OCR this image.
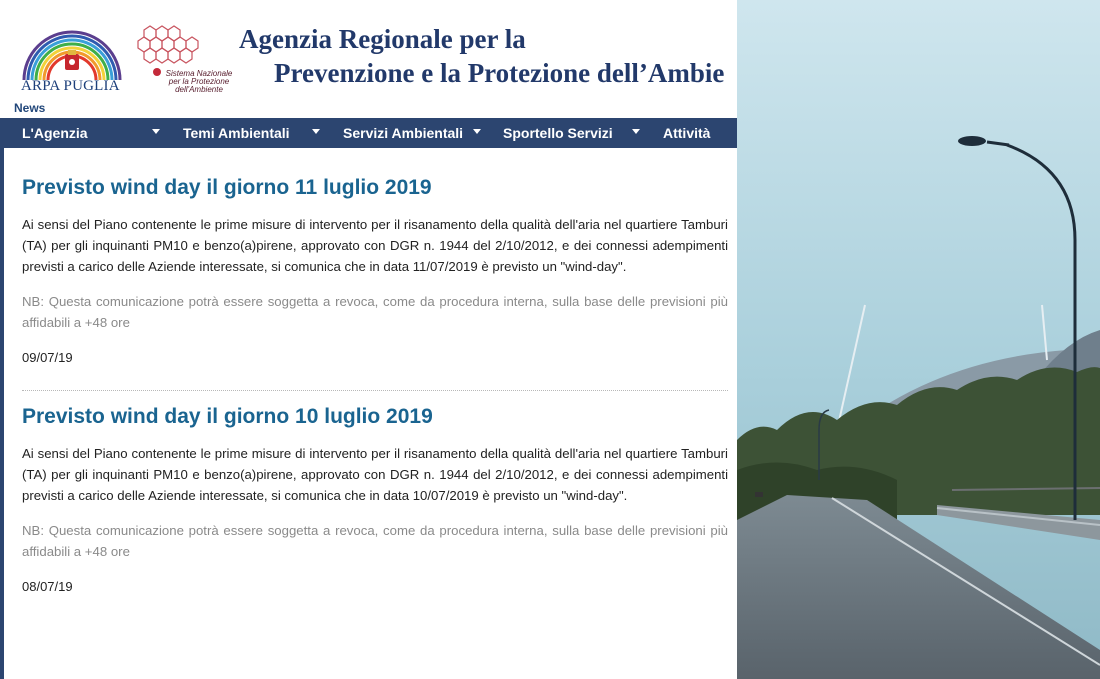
ARPA PUGLIA
Sistema Nazionale
per la Protezione
dell'Ambiente
Agenzia Regionale per la
Prevenzione e la Protezione dell’Ambie
News
L'Agenzia	Temi Ambientali	Servizi Ambientali	Sportello Servizi	Attività
Previsto wind day il giorno 11 luglio 2019

Ai sensi del Piano contenente le prime misure di intervento per il risanamento della qualità dell'aria nel quartiere Tamburi (TA) per gli inquinanti PM10 e benzo(a)pirene, approvato con DGR n. 1944 del 2/10/2012, e dei connessi adempimenti previsti a carico delle Aziende interessate, si comunica che in data 11/07/2019 è previsto un "wind-day".

NB: Questa comunicazione potrà essere soggetta a revoca, come da procedura interna, sulla base delle previsioni più affidabili a +48 ore

09/07/19
Previsto wind day il giorno 10 luglio 2019

Ai sensi del Piano contenente le prime misure di intervento per il risanamento della qualità dell'aria nel quartiere Tamburi (TA) per gli inquinanti PM10 e benzo(a)pirene, approvato con DGR n. 1944 del 2/10/2012, e dei connessi adempimenti previsti a carico delle Aziende interessate, si comunica che in data 10/07/2019 è previsto un "wind-day".

NB: Questa comunicazione potrà essere soggetta a revoca, come da procedura interna, sulla base delle previsioni più affidabili a +48 ore

08/07/19
